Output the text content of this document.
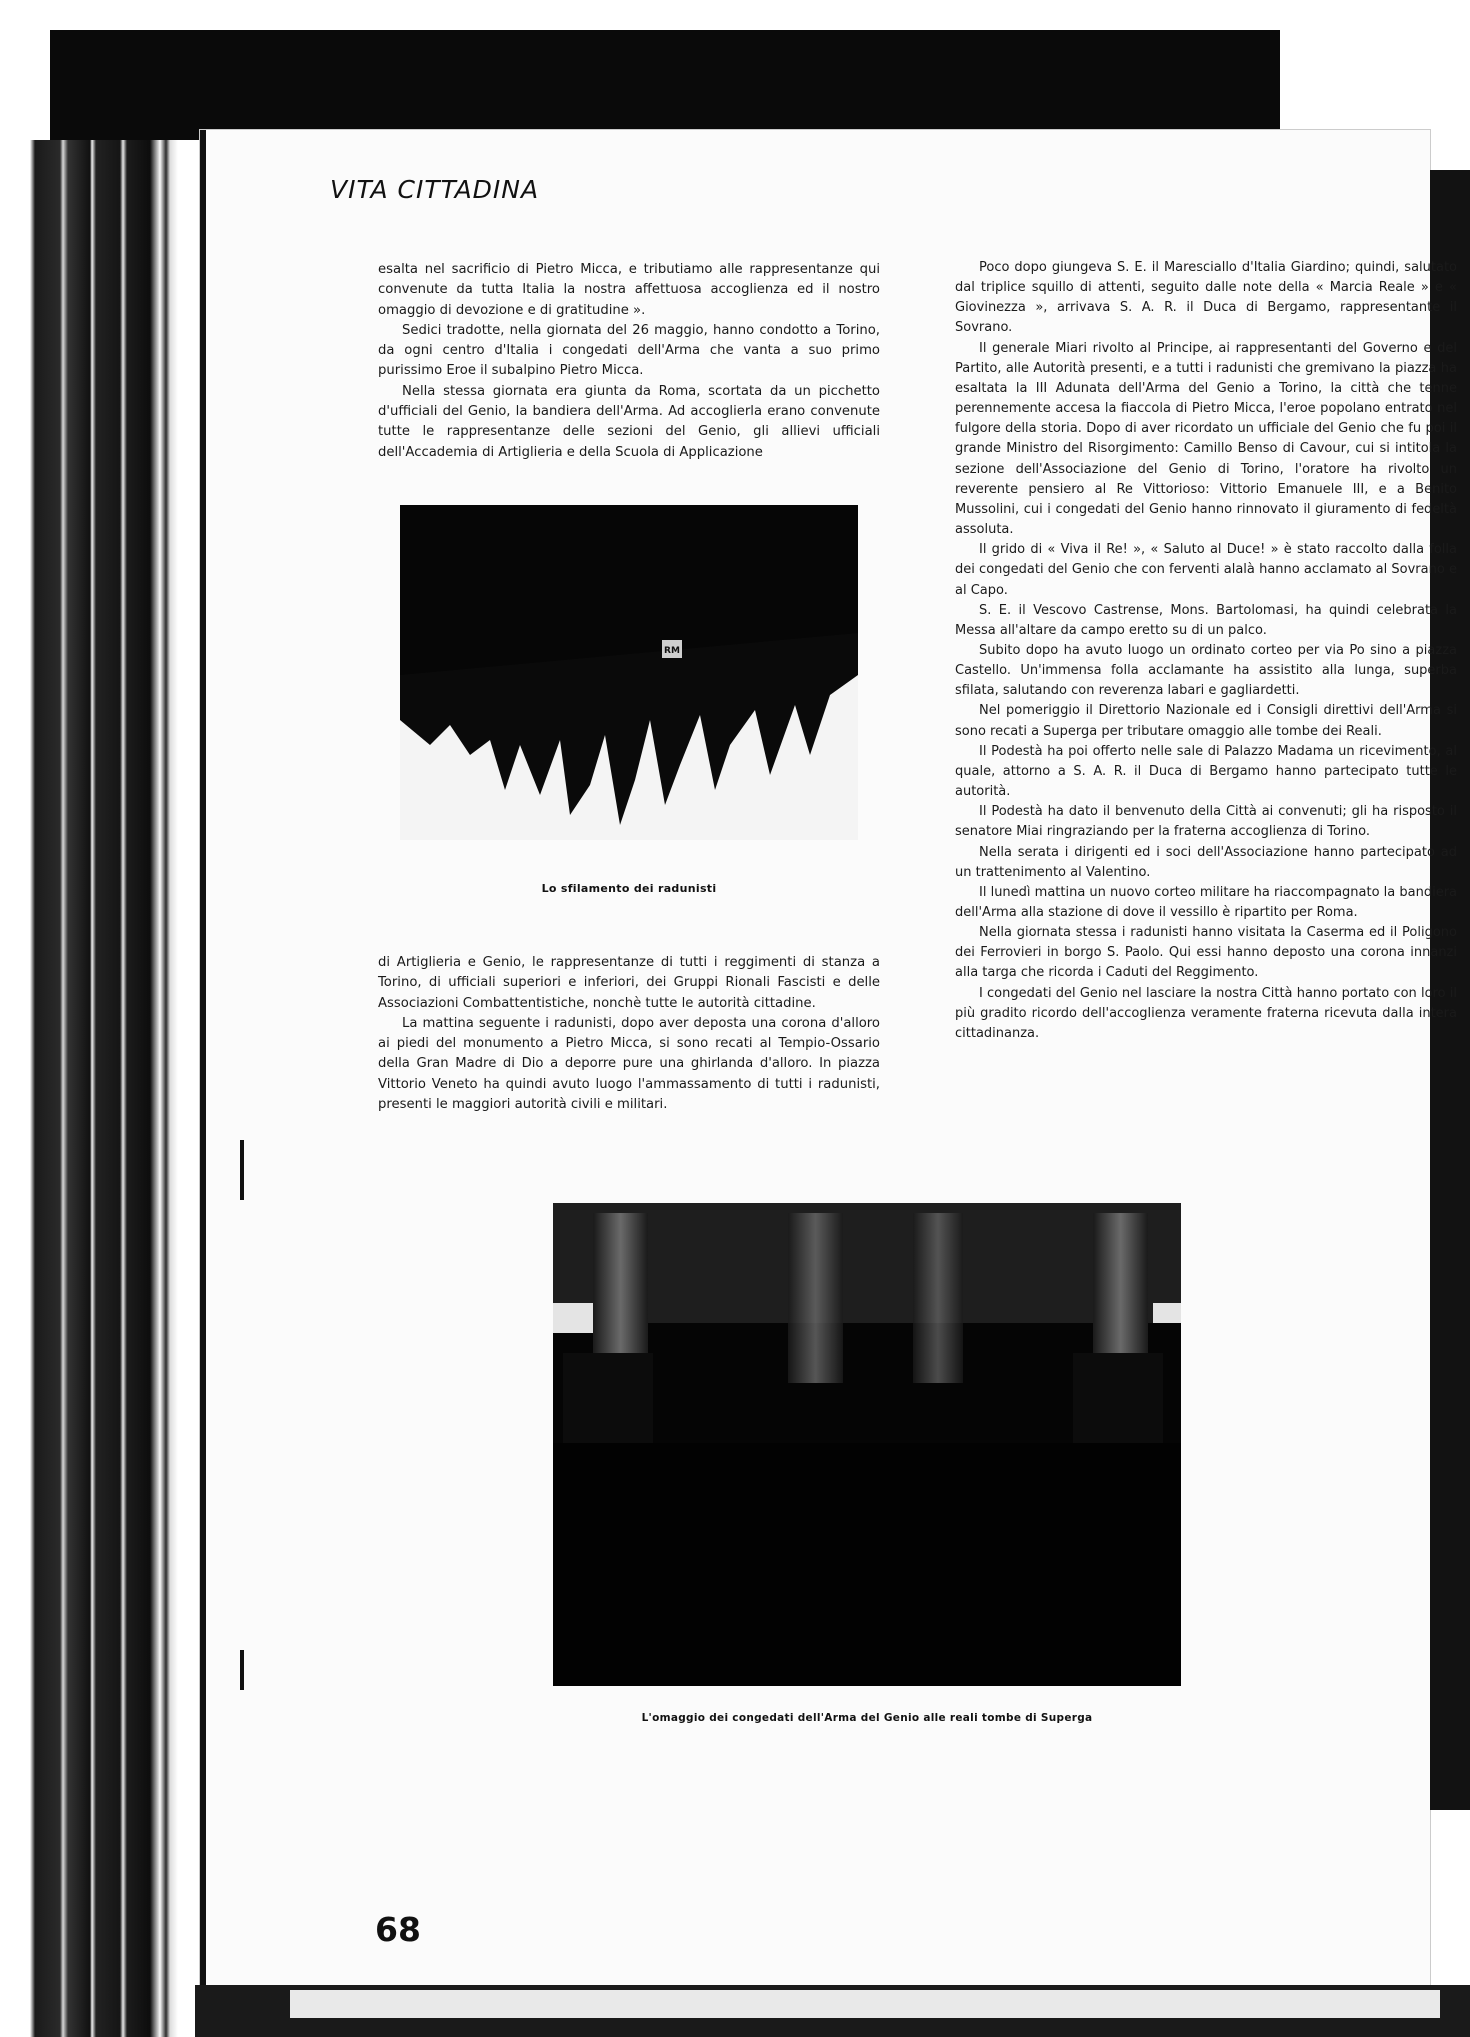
VITA CITTADINA

esalta nel sacrificio di Pietro Micca, e tributiamo alle rappresentanze qui convenute da tutta Italia la nostra affettuosa accoglienza ed il nostro omaggio di devozione e di gratitudine ».

Sedici tradotte, nella giornata del 26 maggio, hanno condotto a Torino, da ogni centro d'Italia i congedati dell'Arma che vanta a suo primo purissimo Eroe il subalpino Pietro Micca.

Nella stessa giornata era giunta da Roma, scortata da un picchetto d'ufficiali del Genio, la bandiera dell'Arma. Ad accoglierla erano convenute tutte le rappresentanze delle sezioni del Genio, gli allievi ufficiali dell'Accademia di Artiglieria e della Scuola di Applicazione

RM
Lo sfilamento dei radunisti

di Artiglieria e Genio, le rappresentanze di tutti i reggimenti di stanza a Torino, di ufficiali superiori e inferiori, dei Gruppi Rionali Fascisti e delle Associazioni Combattentistiche, nonchè tutte le autorità cittadine.

La mattina seguente i radunisti, dopo aver deposta una corona d'alloro ai piedi del monumento a Pietro Micca, si sono recati al Tempio-Ossario della Gran Madre di Dio a deporre pure una ghirlanda d'alloro. In piazza Vittorio Veneto ha quindi avuto luogo l'ammassamento di tutti i radunisti, presenti le maggiori autorità civili e militari.

Poco dopo giungeva S. E. il Maresciallo d'Italia Giardino; quindi, salutato dal triplice squillo di attenti, seguito dalle note della « Marcia Reale » e « Giovinezza », arrivava S. A. R. il Duca di Bergamo, rappresentante il Sovrano.

Il generale Miari rivolto al Principe, ai rappresentanti del Governo e del Partito, alle Autorità presenti, e a tutti i radunisti che gremivano la piazza ha esaltata la III Adunata dell'Arma del Genio a Torino, la città che tenne perennemente accesa la fiaccola di Pietro Micca, l'eroe popolano entrato nel fulgore della storia. Dopo di aver ricordato un ufficiale del Genio che fu poi il grande Ministro del Risorgimento: Camillo Benso di Cavour, cui si intitola la sezione dell'Associazione del Genio di Torino, l'oratore ha rivolto un reverente pensiero al Re Vittorioso: Vittorio Emanuele III, e a Benito Mussolini, cui i congedati del Genio hanno rinnovato il giuramento di fedeltà assoluta.

Il grido di « Viva il Re! », « Saluto al Duce! » è stato raccolto dalla folla dei congedati del Genio che con ferventi alalà hanno acclamato al Sovrano e al Capo.

S. E. il Vescovo Castrense, Mons. Bartolomasi, ha quindi celebrata la Messa all'altare da campo eretto su di un palco.

Subito dopo ha avuto luogo un ordinato corteo per via Po sino a piazza Castello. Un'immensa folla acclamante ha assistito alla lunga, superba sfilata, salutando con reverenza labari e gagliardetti.

Nel pomeriggio il Direttorio Nazionale ed i Consigli direttivi dell'Arma si sono recati a Superga per tributare omaggio alle tombe dei Reali.

Il Podestà ha poi offerto nelle sale di Palazzo Madama un ricevimento, al quale, attorno a S. A. R. il Duca di Bergamo hanno partecipato tutte le autorità.

Il Podestà ha dato il benvenuto della Città ai convenuti; gli ha risposto il senatore Miai ringraziando per la fraterna accoglienza di Torino.

Nella serata i dirigenti ed i soci dell'Associazione hanno partecipato ad un trattenimento al Valentino.

Il lunedì mattina un nuovo corteo militare ha riaccompagnato la bandiera dell'Arma alla stazione di dove il vessillo è ripartito per Roma.

Nella giornata stessa i radunisti hanno visitata la Caserma ed il Poligono dei Ferrovieri in borgo S. Paolo. Qui essi hanno deposto una corona innanzi alla targa che ricorda i Caduti del Reggimento.

I congedati del Genio nel lasciare la nostra Città hanno portato con loro il più gradito ricordo dell'accoglienza veramente fraterna ricevuta dalla intera cittadinanza.

L'omaggio dei congedati dell'Arma del Genio alle reali tombe di Superga
68
